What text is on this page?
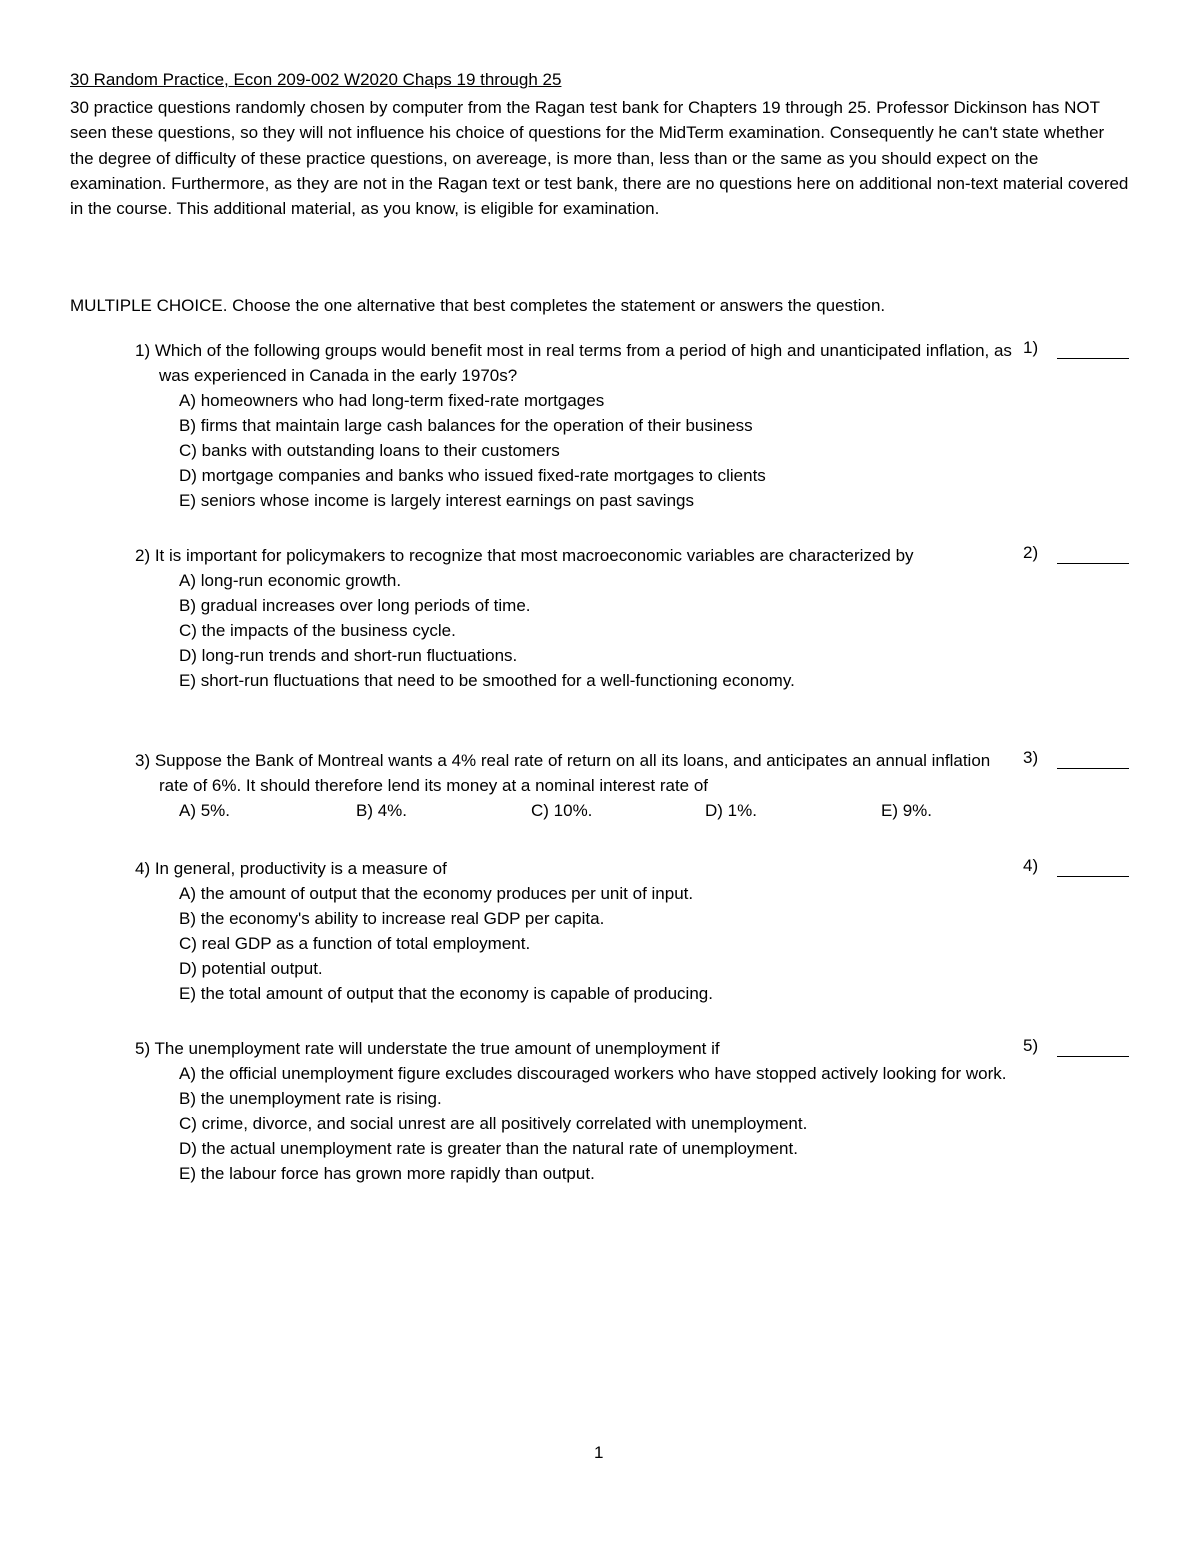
30 Random Practice, Econ 209-002 W2020 Chaps 19 through 25
30 practice questions randomly chosen by computer from the Ragan test bank for Chapters 19 through 25. Professor Dickinson has NOT seen these questions, so they will not influence his choice of questions for the MidTerm examination. Consequently he can't state whether the degree of difficulty of these practice questions, on avereage, is more than, less than or the same as you should expect on the examination. Furthermore, as they are not in the Ragan text or test bank, there are no questions here on additional non-text material covered in the course. This additional material, as you know, is eligible for examination.
MULTIPLE CHOICE. Choose the one alternative that best completes the statement or answers the question.
1) Which of the following groups would benefit most in real terms from a period of high and unanticipated inflation, as was experienced in Canada in the early 1970s?
1)
A) homeowners who had long-term fixed-rate mortgages
B) firms that maintain large cash balances for the operation of their business
C) banks with outstanding loans to their customers
D) mortgage companies and banks who issued fixed-rate mortgages to clients
E) seniors whose income is largely interest earnings on past savings
2) It is important for policymakers to recognize that most macroeconomic variables are characterized by	2)
A) long-run economic growth.
B) gradual increases over long periods of time.
C) the impacts of the business cycle.
D) long-run trends and short-run fluctuations.
E) short-run fluctuations that need to be smoothed for a well-functioning economy.
3) Suppose the Bank of Montreal wants a 4% real rate of return on all its loans, and anticipates an annual inflation rate of 6%. It should therefore lend its money at a nominal interest rate of
3)
A) 5%.	B) 4%.	C) 10%.	D) 1%.	E) 9%.
4) In general, productivity is a measure of	4)
A) the amount of output that the economy produces per unit of input.
B) the economy's ability to increase real GDP per capita.
C) real GDP as a function of total employment.
D) potential output.
E) the total amount of output that the economy is capable of producing.
5) The unemployment rate will understate the true amount of unemployment if	5)
A) the official unemployment figure excludes discouraged workers who have stopped actively looking for work.
B) the unemployment rate is rising.
C) crime, divorce, and social unrest are all positively correlated with unemployment.
D) the actual unemployment rate is greater than the natural rate of unemployment.
E) the labour force has grown more rapidly than output.
1
